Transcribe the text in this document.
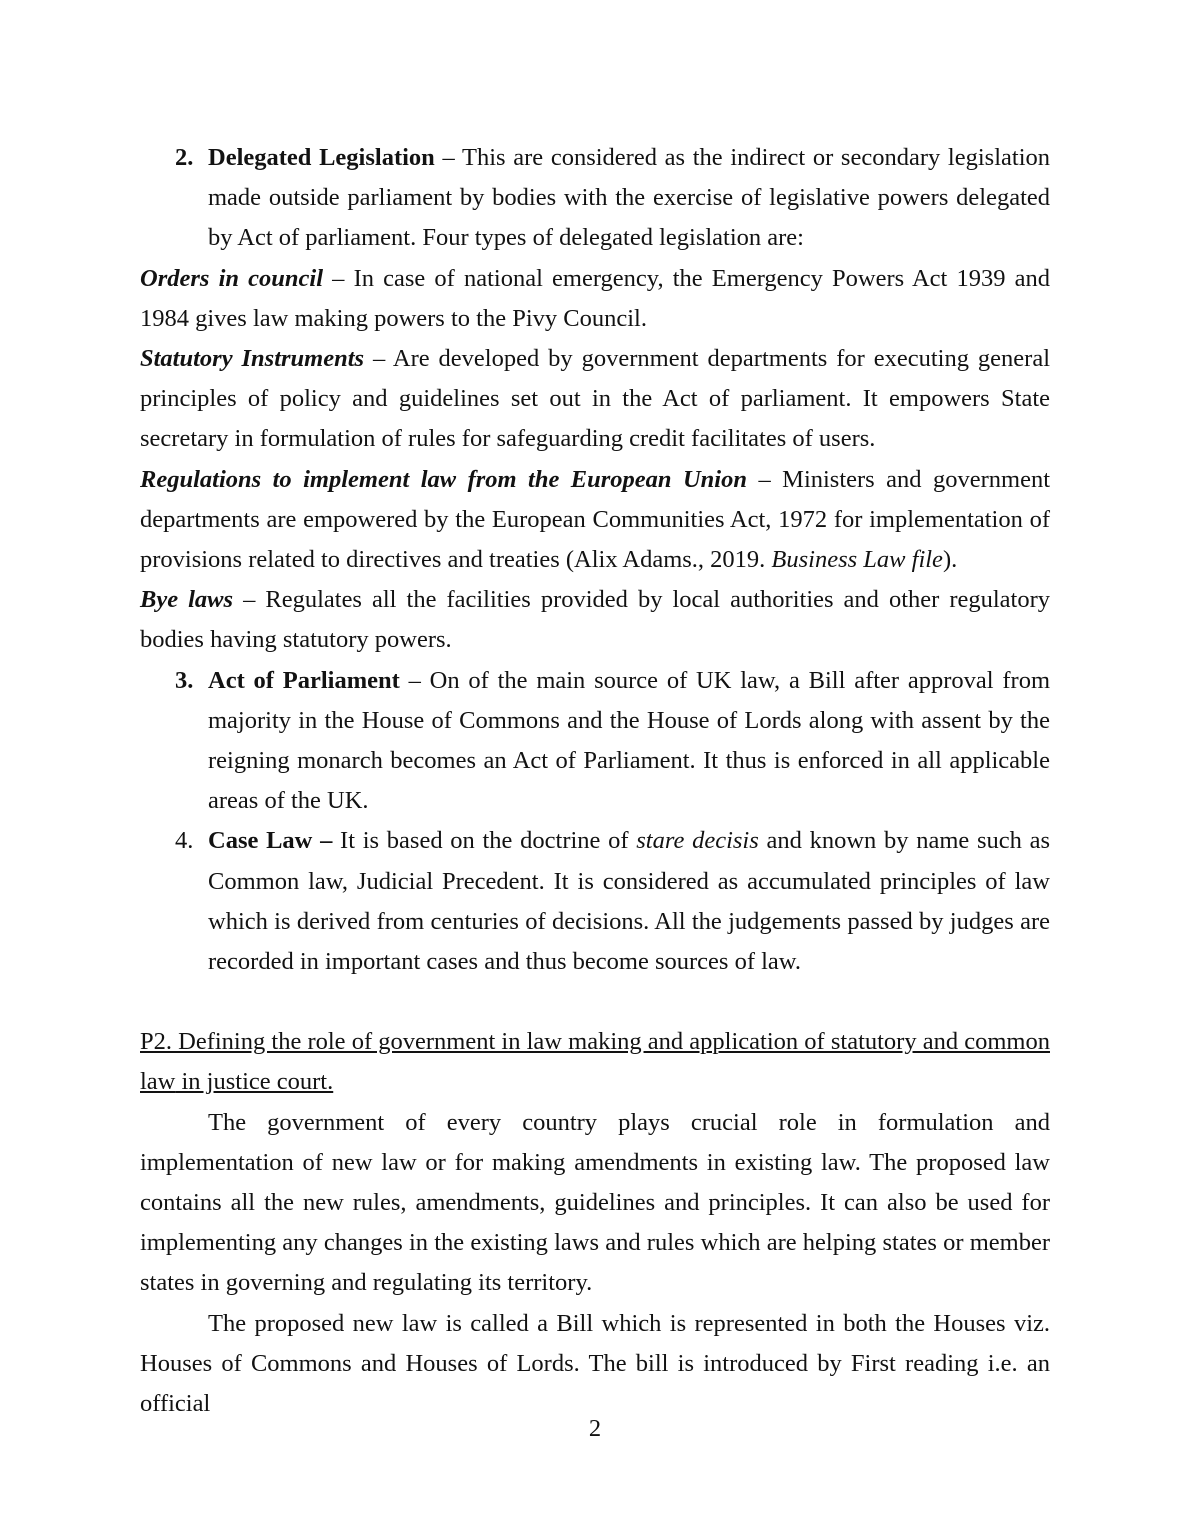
2. Delegated Legislation – This are considered as the indirect or secondary legislation made outside parliament by bodies with the exercise of legislative powers delegated by Act of parliament. Four types of delegated legislation are:

Orders in council – In case of national emergency, the Emergency Powers Act 1939 and 1984 gives law making powers to the Pivy Council.

Statutory Instruments – Are developed by government departments for executing general principles of policy and guidelines set out in the Act of parliament. It empowers State secretary in formulation of rules for safeguarding credit facilitates of users.

Regulations to implement law from the European Union – Ministers and government departments are empowered by the European Communities Act, 1972 for implementation of provisions related to directives and treaties (Alix Adams., 2019. Business Law file).

Bye laws – Regulates all the facilities provided by local authorities and other regulatory bodies having statutory powers.

3. Act of Parliament – On of the main source of UK law, a Bill after approval from majority in the House of Commons and the House of Lords along with assent by the reigning monarch becomes an Act of Parliament. It thus is enforced in all applicable areas of the UK.
4. Case Law – It is based on the doctrine of stare decisis and known by name such as Common law, Judicial Precedent. It is considered as accumulated principles of law which is derived from centuries of decisions. All the judgements passed by judges are recorded in important cases and thus become sources of law.
P2. Defining the role of government in law making and application of statutory and common law in justice court.

The government of every country plays crucial role in formulation and implementation of new law or for making amendments in existing law. The proposed law contains all the new rules, amendments, guidelines and principles. It can also be used for implementing any changes in the existing laws and rules which are helping states or member states in governing and regulating its territory.

The proposed new law is called a Bill which is represented in both the Houses viz. Houses of Commons and Houses of Lords. The bill is introduced by First reading i.e. an official

2
